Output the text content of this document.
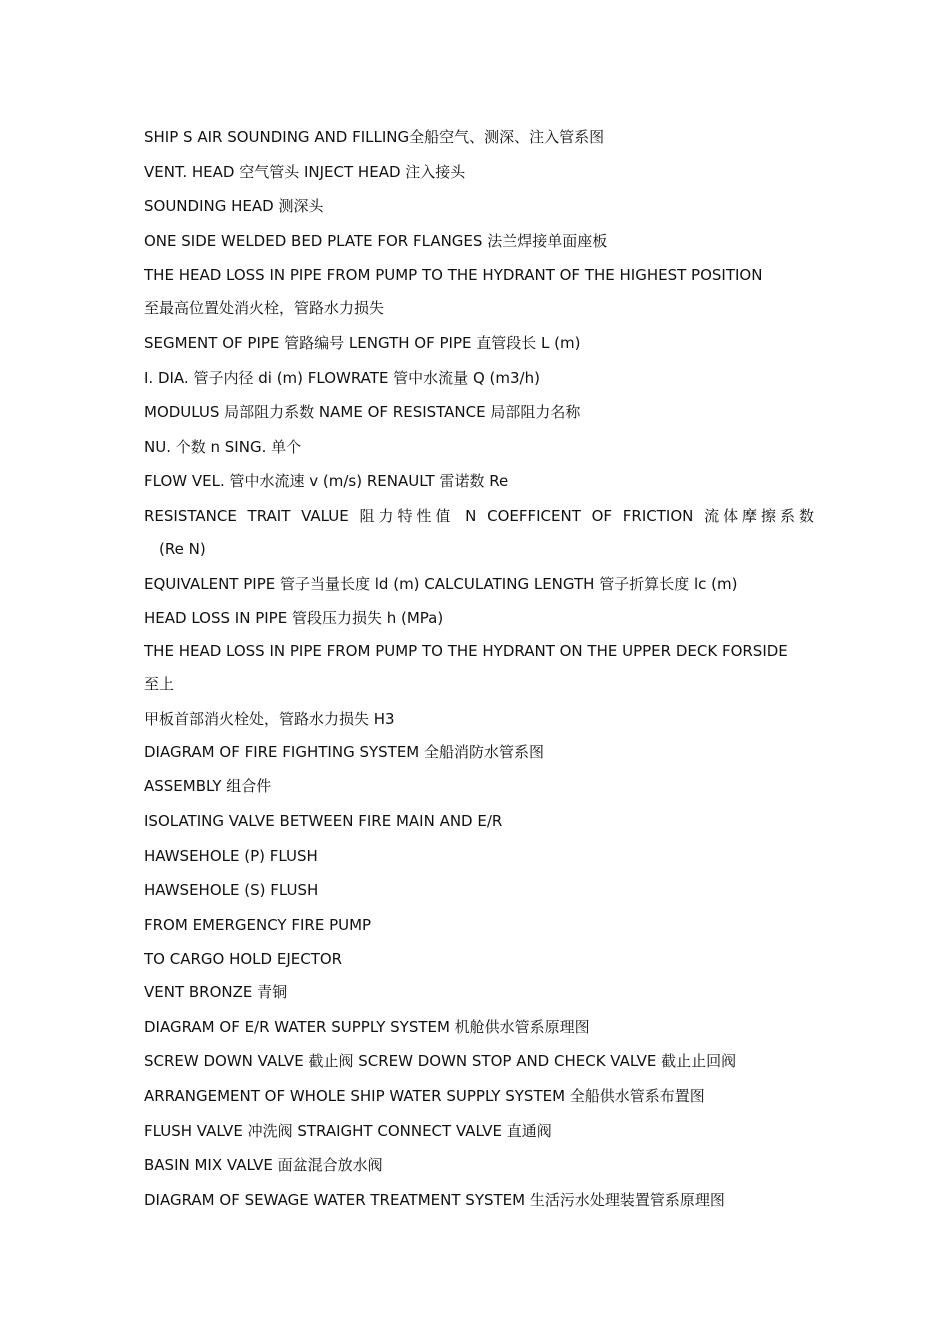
SHIP S AIR SOUNDING AND FILLING全船空气、测深、注入管系图
VENT. HEAD 空气管头 INJECT HEAD 注入接头
SOUNDING HEAD 测深头
ONE SIDE WELDED BED PLATE FOR FLANGES 法兰焊接单面座板
THE HEAD LOSS IN PIPE FROM PUMP TO THE HYDRANT OF THE HIGHEST POSITION
至最高位置处消火栓，管路水力损失
SEGMENT OF PIPE 管路编号 LENGTH OF PIPE 直管段长 L (m)
I. DIA. 管子内径 di (m) FLOWRATE 管中水流量 Q (m3/h)
MODULUS 局部阻力系数 NAME OF RESISTANCE 局部阻力名称
NU. 个数 n SING. 单个
FLOW VEL. 管中水流速 v (m/s) RENAULT 雷诺数 Re
RESISTANCE TRAIT VALUE 阻力特性值 N COEFFICENT OF FRICTION 流体摩擦系数
(Re N)
EQUIVALENT PIPE 管子当量长度 ld (m) CALCULATING LENGTH 管子折算长度 lc (m)
HEAD LOSS IN PIPE 管段压力损失 h (MPa)
THE HEAD LOSS IN PIPE FROM PUMP TO THE HYDRANT ON THE UPPER DECK FORSIDE
至上
甲板首部消火栓处，管路水力损失 H3
DIAGRAM OF FIRE FIGHTING SYSTEM 全船消防水管系图
ASSEMBLY 组合件
ISOLATING VALVE BETWEEN FIRE MAIN AND E/R
HAWSEHOLE (P) FLUSH
HAWSEHOLE (S) FLUSH
FROM EMERGENCY FIRE PUMP
TO CARGO HOLD EJECTOR
VENT BRONZE 青铜
DIAGRAM OF E/R WATER SUPPLY SYSTEM 机舱供水管系原理图
SCREW DOWN VALVE 截止阀 SCREW DOWN STOP AND CHECK VALVE 截止止回阀
ARRANGEMENT OF WHOLE SHIP WATER SUPPLY SYSTEM 全船供水管系布置图
FLUSH VALVE 冲洗阀 STRAIGHT CONNECT VALVE 直通阀
BASIN MIX VALVE 面盆混合放水阀
DIAGRAM OF SEWAGE WATER TREATMENT SYSTEM 生活污水处理装置管系原理图
